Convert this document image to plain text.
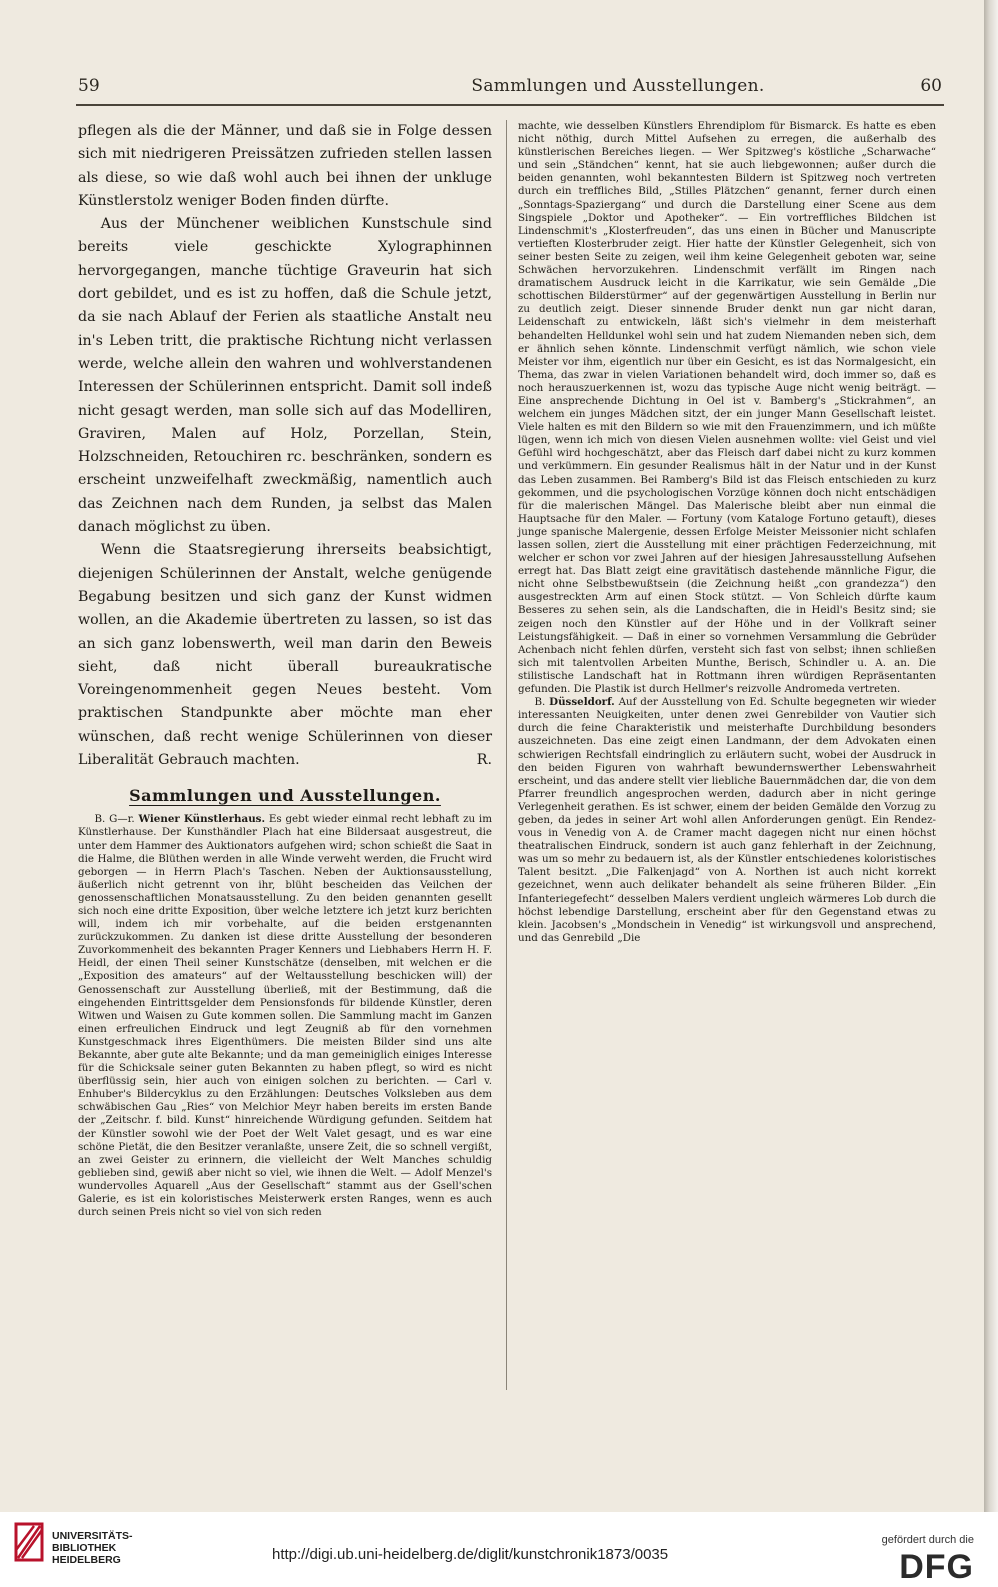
59	Sammlungen und Ausstellungen.	60

pflegen als die der Männer, und daß sie in Folge dessen sich mit niedrigeren Preissätzen zufrieden stellen lassen als diese, so wie daß wohl auch bei ihnen der unkluge Künstlerstolz weniger Boden finden dürfte.

Aus der Münchener weiblichen Kunstschule sind bereits viele geschickte Xylographinnen hervorgegangen, manche tüchtige Graveurin hat sich dort gebildet, und es ist zu hoffen, daß die Schule jetzt, da sie nach Ablauf der Ferien als staatliche Anstalt neu in's Leben tritt, die praktische Richtung nicht verlassen werde, welche allein den wahren und wohlverstandenen Interessen der Schülerinnen entspricht. Damit soll indeß nicht gesagt werden, man solle sich auf das Modelliren, Graviren, Malen auf Holz, Porzellan, Stein, Holzschneiden, Retouchiren rc. beschränken, sondern es erscheint unzweifelhaft zweckmäßig, namentlich auch das Zeichnen nach dem Runden, ja selbst das Malen danach möglichst zu üben.

Wenn die Staatsregierung ihrerseits beabsichtigt, diejenigen Schülerinnen der Anstalt, welche genügende Begabung besitzen und sich ganz der Kunst widmen wollen, an die Akademie übertreten zu lassen, so ist das an sich ganz lobenswerth, weil man darin den Beweis sieht, daß nicht überall bureaukratische Voreingenommenheit gegen Neues besteht. Vom praktischen Standpunkte aber möchte man eher wünschen, daß recht wenige Schülerinnen von dieser Liberalität Gebrauch machten.	R.

Sammlungen und Ausstellungen.

B. G—r. Wiener Künstlerhaus. Es gebt wieder einmal recht lebhaft zu im Künstlerhause. Der Kunsthändler Plach hat eine Bildersaat ausgestreut, die unter dem Hammer des Auktionators aufgehen wird; schon schießt die Saat in die Halme, die Blüthen werden in alle Winde verweht werden, die Frucht wird geborgen — in Herrn Plach's Taschen. Neben der Auktionsausstellung, äußerlich nicht getrennt von ihr, blüht bescheiden das Veilchen der genossenschaftlichen Monatsausstellung. Zu den beiden genannten gesellt sich noch eine dritte Exposition, über welche letztere ich jetzt kurz berichten will, indem ich mir vorbehalte, auf die beiden erstgenannten zurückzukommen. Zu danken ist diese dritte Ausstellung der besonderen Zuvorkommenheit des bekannten Prager Kenners und Liebhabers Herrn H. F. Heidl, der einen Theil seiner Kunstschätze (denselben, mit welchen er die „Exposition des amateurs“ auf der Weltausstellung beschicken will) der Genossenschaft zur Ausstellung überließ, mit der Bestimmung, daß die eingehenden Eintrittsgelder dem Pensionsfonds für bildende Künstler, deren Witwen und Waisen zu Gute kommen sollen. Die Sammlung macht im Ganzen einen erfreulichen Eindruck und legt Zeugniß ab für den vornehmen Kunstgeschmack ihres Eigenthümers. Die meisten Bilder sind uns alte Bekannte, aber gute alte Bekannte; und da man gemeiniglich einiges Interesse für die Schicksale seiner guten Bekannten zu haben pflegt, so wird es nicht überflüssig sein, hier auch von einigen solchen zu berichten. — Carl v. Enhuber's Bildercyklus zu den Erzählungen: Deutsches Volksleben aus dem schwäbischen Gau „Ries“ von Melchior Meyr haben bereits im ersten Bande der „Zeitschr. f. bild. Kunst“ hinreichende Würdigung gefunden. Seitdem hat der Künstler sowohl wie der Poet der Welt Valet gesagt, und es war eine schöne Pietät, die den Besitzer veranlaßte, unsere Zeit, die so schnell vergißt, an zwei Geister zu erinnern, die vielleicht der Welt Manches schuldig geblieben sind, gewiß aber nicht so viel, wie ihnen die Welt. — Adolf Menzel's wundervolles Aquarell „Aus der Gesellschaft“ stammt aus der Gsell'schen Galerie, es ist ein koloristisches Meisterwerk ersten Ranges, wenn es auch durch seinen Preis nicht so viel von sich reden

machte, wie desselben Künstlers Ehrendiplom für Bismarck. Es hatte es eben nicht nöthig, durch Mittel Aufsehen zu erregen, die außerhalb des künstlerischen Bereiches liegen. — Wer Spitzweg's köstliche „Scharwache“ und sein „Ständchen“ kennt, hat sie auch liebgewonnen; außer durch die beiden genannten, wohl bekanntesten Bildern ist Spitzweg noch vertreten durch ein treffliches Bild, „Stilles Plätzchen“ genannt, ferner durch einen „Sonntags-Spaziergang“ und durch die Darstellung einer Scene aus dem Singspiele „Doktor und Apotheker“. — Ein vortreffliches Bildchen ist Lindenschmit's „Klosterfreuden“, das uns einen in Bücher und Manuscripte vertieften Klosterbruder zeigt. Hier hatte der Künstler Gelegenheit, sich von seiner besten Seite zu zeigen, weil ihm keine Gelegenheit geboten war, seine Schwächen hervorzukehren. Lindenschmit verfällt im Ringen nach dramatischem Ausdruck leicht in die Karrikatur, wie sein Gemälde „Die schottischen Bilderstürmer“ auf der gegenwärtigen Ausstellung in Berlin nur zu deutlich zeigt. Dieser sinnende Bruder denkt nun gar nicht daran, Leidenschaft zu entwickeln, läßt sich's vielmehr in dem meisterhaft behandelten Helldunkel wohl sein und hat zudem Niemanden neben sich, dem er ähnlich sehen könnte. Lindenschmit verfügt nämlich, wie schon viele Meister vor ihm, eigentlich nur über ein Gesicht, es ist das Normalgesicht, ein Thema, das zwar in vielen Variationen behandelt wird, doch immer so, daß es noch herauszuerkennen ist, wozu das typische Auge nicht wenig beiträgt. — Eine ansprechende Dichtung in Oel ist v. Bamberg's „Stickrahmen“, an welchem ein junges Mädchen sitzt, der ein junger Mann Gesellschaft leistet. Viele halten es mit den Bildern so wie mit den Frauenzimmern, und ich müßte lügen, wenn ich mich von diesen Vielen ausnehmen wollte: viel Geist und viel Gefühl wird hochgeschätzt, aber das Fleisch darf dabei nicht zu kurz kommen und verkümmern. Ein gesunder Realismus hält in der Natur und in der Kunst das Leben zusammen. Bei Ramberg's Bild ist das Fleisch entschieden zu kurz gekommen, und die psychologischen Vorzüge können doch nicht entschädigen für die malerischen Mängel. Das Malerische bleibt aber nun einmal die Hauptsache für den Maler. — Fortuny (vom Kataloge Fortuno getauft), dieses junge spanische Malergenie, dessen Erfolge Meister Meissonier nicht schlafen lassen sollen, ziert die Ausstellung mit einer prächtigen Federzeichnung, mit welcher er schon vor zwei Jahren auf der hiesigen Jahresausstellung Aufsehen erregt hat. Das Blatt zeigt eine gravitätisch dastehende männliche Figur, die nicht ohne Selbstbewußtsein (die Zeichnung heißt „con grandezza“) den ausgestreckten Arm auf einen Stock stützt. — Von Schleich dürfte kaum Besseres zu sehen sein, als die Landschaften, die in Heidl's Besitz sind; sie zeigen noch den Künstler auf der Höhe und in der Vollkraft seiner Leistungsfähigkeit. — Daß in einer so vornehmen Versammlung die Gebrüder Achenbach nicht fehlen dürfen, versteht sich fast von selbst; ihnen schließen sich mit talentvollen Arbeiten Munthe, Berisch, Schindler u. A. an. Die stilistische Landschaft hat in Rottmann ihren würdigen Repräsentanten gefunden. Die Plastik ist durch Hellmer's reizvolle Andromeda vertreten.

B. Düsseldorf. Auf der Ausstellung von Ed. Schulte begegneten wir wieder interessanten Neuigkeiten, unter denen zwei Genrebilder von Vautier sich durch die feine Charakteristik und meisterhafte Durchbildung besonders auszeichneten. Das eine zeigt einen Landmann, der dem Advokaten einen schwierigen Rechtsfall eindringlich zu erläutern sucht, wobei der Ausdruck in den beiden Figuren von wahrhaft bewundernswerther Lebenswahrheit erscheint, und das andere stellt vier liebliche Bauernmädchen dar, die von dem Pfarrer freundlich angesprochen werden, dadurch aber in nicht geringe Verlegenheit gerathen. Es ist schwer, einem der beiden Gemälde den Vorzug zu geben, da jedes in seiner Art wohl allen Anforderungen genügt. Ein Rendez-vous in Venedig von A. de Cramer macht dagegen nicht nur einen höchst theatralischen Eindruck, sondern ist auch ganz fehlerhaft in der Zeichnung, was um so mehr zu bedauern ist, als der Künstler entschiedenes koloristisches Talent besitzt. „Die Falkenjagd“ von A. Northen ist auch nicht korrekt gezeichnet, wenn auch delikater behandelt als seine früheren Bilder. „Ein Infanteriegefecht“ desselben Malers verdient ungleich wärmeres Lob durch die höchst lebendige Darstellung, erscheint aber für den Gegenstand etwas zu klein. Jacobsen's „Mondschein in Venedig“ ist wirkungsvoll und ansprechend, und das Genrebild „Die

UNIVERSITÄTS-
BIBLIOTHEK
HEIDELBERG	http://digi.ub.uni-heidelberg.de/diglit/kunstchronik1873/0035
gefördert durch die
DFG
